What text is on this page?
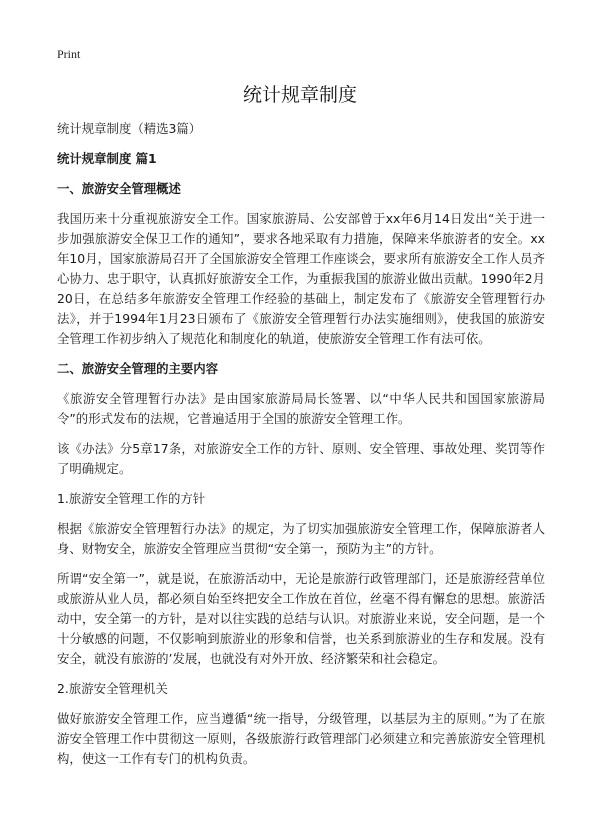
Print
统计规章制度

统计规章制度（精选3篇）

统计规章制度 篇1
一、旅游安全管理概述

我国历来十分重视旅游安全工作。国家旅游局、公安部曾于xx年6月14日发出“关于进一步加强旅游安全保卫工作的通知”，要求各地采取有力措施，保障来华旅游者的安全。xx年10月，国家旅游局召开了全国旅游安全管理工作座谈会，要求所有旅游安全工作人员齐心协力、忠于职守，认真抓好旅游安全工作，为重振我国的旅游业做出贡献。1990年2月20日，在总结多年旅游安全管理工作经验的基础上，制定发布了《旅游安全管理暂行办法》，并于1994年1月23日颁布了《旅游安全管理暂行办法实施细则》，使我国的旅游安全管理工作初步纳入了规范化和制度化的轨道，使旅游安全管理工作有法可依。

二、旅游安全管理的主要内容

《旅游安全管理暂行办法》是由国家旅游局局长签署、以“中华人民共和国国家旅游局令”的形式发布的法规，它普遍适用于全国的旅游安全管理工作。

该《办法》分5章17条，对旅游安全工作的方针、原则、安全管理、事故处理、奖罚等作了明确规定。

1.旅游安全管理工作的方针

根据《旅游安全管理暂行办法》的规定，为了切实加强旅游安全管理工作，保障旅游者人身、财物安全，旅游安全管理应当贯彻“安全第一，预防为主”的方针。

所谓“安全第一”，就是说，在旅游活动中，无论是旅游行政管理部门，还是旅游经营单位或旅游从业人员，都必须自始至终把安全工作放在首位，丝毫不得有懈怠的思想。旅游活动中，安全第一的方针，是对以往实践的总结与认识。对旅游业来说，安全问题，是一个十分敏感的问题，不仅影响到旅游业的形象和信誉，也关系到旅游业的生存和发展。没有安全，就没有旅游的’发展，也就没有对外开放、经济繁荣和社会稳定。

2.旅游安全管理机关

做好旅游安全管理工作，应当遵循“统一指导，分级管理，以基层为主的原则。”为了在旅游安全管理工作中贯彻这一原则，各级旅游行政管理部门必须建立和完善旅游安全管理机构，使这一工作有专门的机构负责。
